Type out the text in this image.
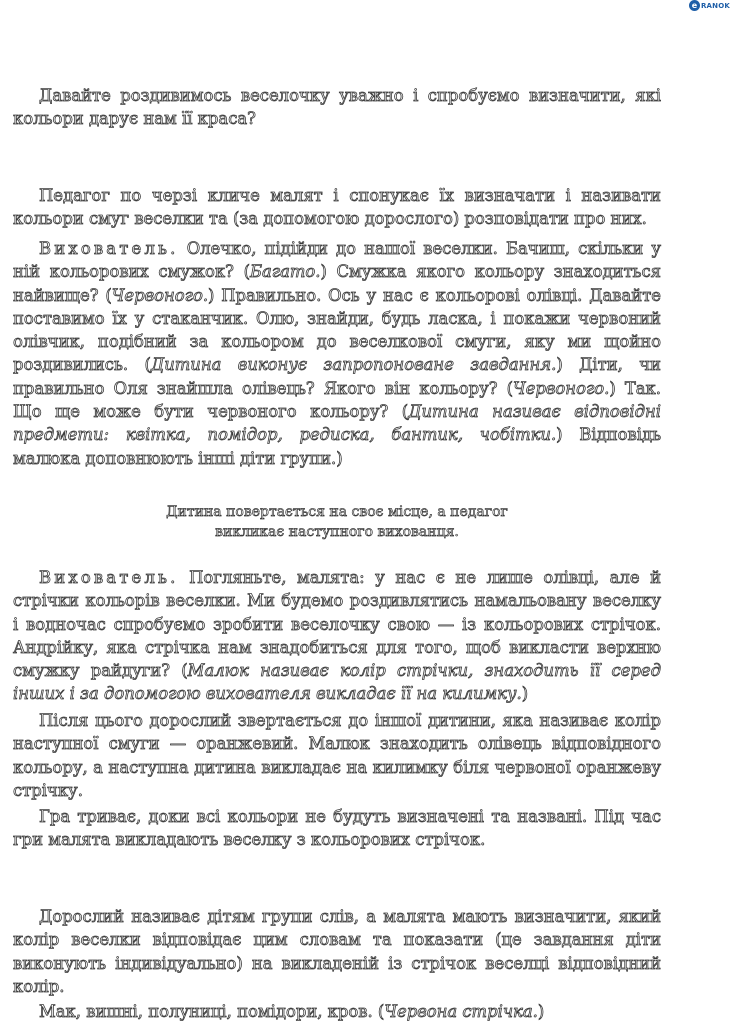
e RANOK

Давайте роздивимось веселочку уважно і спробуємо визначити, які кольори дарує нам її краса?

Педагог по черзі кличе малят і спонукає їх визначати і називати кольори смуг веселки та (за допомогою дорослого) розповідати про них.

Вихователь. Олечко, підійди до нашої веселки. Бачиш, скільки у ній кольорових смужок? (Багато.) Смужка якого кольору знаходиться найвище? (Червоного.) Правильно. Ось у нас є кольорові олівці. Давайте поставимо їх у стаканчик. Олю, знайди, будь ласка, і покажи червоний олівчик, подібний за кольором до веселкової смуги, яку ми щойно роздивились. (Дитина виконує запропоноване завдання.) Діти, чи правильно Оля знайшла олівець? Якого він кольору? (Червоного.) Так. Що ще може бути червоного кольору? (Дитина називає відповідні предмети: квітка, помідор, редиска, бантик, чобітки.) Відповідь малюка доповнюють інші діти групи.)

Дитина повертається на своє місце, а педагог
викликає наступного вихованця.

Вихователь. Погляньте, малята: у нас є не лише олівці, але й стрічки кольорів веселки. Ми будемо роздивлятись намальовану веселку і водночас спробуємо зробити веселочку свою — із кольорових стрічок. Андрійку, яка стрічка нам знадобиться для того, щоб викласти верхню смужку райдуги? (Малюк називає колір стрічки, знаходить її серед інших і за допомогою вихователя викладає її на килимку.)

Після цього дорослий звертається до іншої дитини, яка називає колір наступної смуги — оранжевий. Малюк знаходить олівець відповідного кольору, а наступна дитина викладає на килимку біля червоної оранжеву стрічку.

Гра триває, доки всі кольори не будуть визначені та названі. Під час гри малята викладають веселку з кольорових стрічок.

Дорослий називає дітям групи слів, а малята мають визначити, який колір веселки відповідає цим словам та показати (це завдання діти виконують індивідуально) на викладеній із стрічок веселці відповідний колір.

Мак, вишні, полуниці, помідори, кров. (Червона стрічка.)
